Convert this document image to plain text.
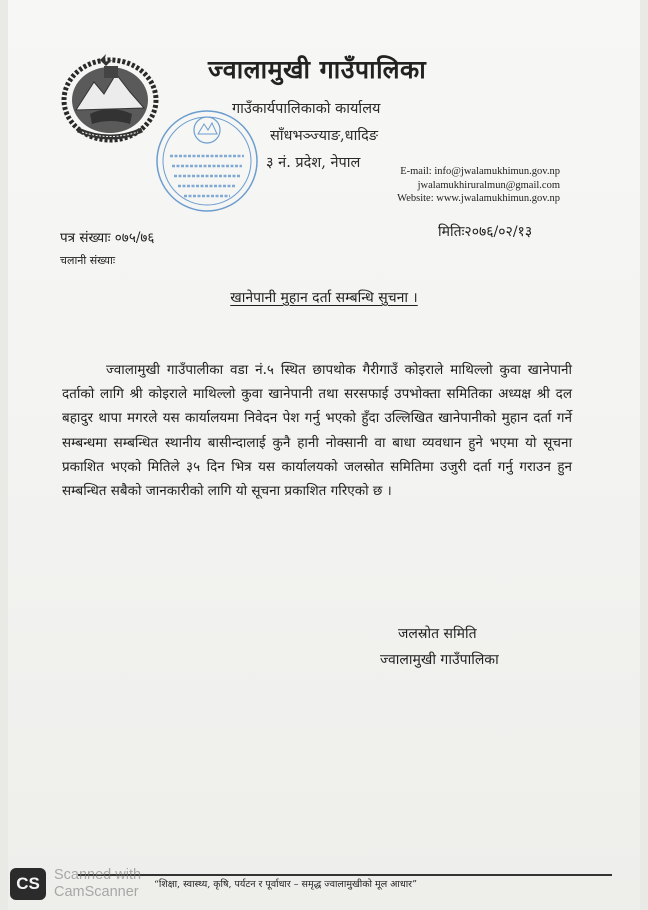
ज्वालामुखी गाउँपालिका
गाउँकार्यपालिकाको कार्यालय
साँधभञ्ज्याङ,धादिङ
३ नं. प्रदेश, नेपाल
E-mail: info@jwalamukhimun.gov.np
jwalamukhiruralmun@gmail.com
Website: www.jwalamukhimun.gov.np
पत्र संख्याः ०७५/७६
चलानी संख्याः
मितिः२०७६/०२/१३
खानेपानी मुहान दर्ता सम्बन्धि सुचना ।

ज्वालामुखी गाउँपालीका वडा नं.५ स्थित छापथोक गैरीगाउँ कोइराले माथिल्लो कुवा खानेपानी दर्ताको लागि श्री कोइराले माथिल्लो कुवा खानेपानी तथा सरसफाई उपभोक्ता समितिका अध्यक्ष श्री दल बहादुर थापा मगरले यस कार्यालयमा निवेदन पेश गर्नु भएको हुँदा उल्लिखित खानेपानीको मुहान दर्ता गर्ने सम्बन्धमा सम्बन्धित स्थानीय बासीन्दालाई कुनै हानी नोक्सानी वा बाधा व्यवधान हुने भएमा यो सूचना प्रकाशित भएको मितिले ३५ दिन भित्र यस कार्यालयको जलस्रोत समितिमा उजुरी दर्ता गर्नु गराउन हुन सम्बन्धित सबैको जानकारीको लागि यो सूचना प्रकाशित गरिएको छ ।

जलस्रोत समिति
ज्वालामुखी गाउँपालिका
“शिक्षा, स्वास्थ्य, कृषि, पर्यटन र पूर्वाधार – समृद्ध ज्वालामुखीको मूल आधार”
CS Scanned with
CamScanner
